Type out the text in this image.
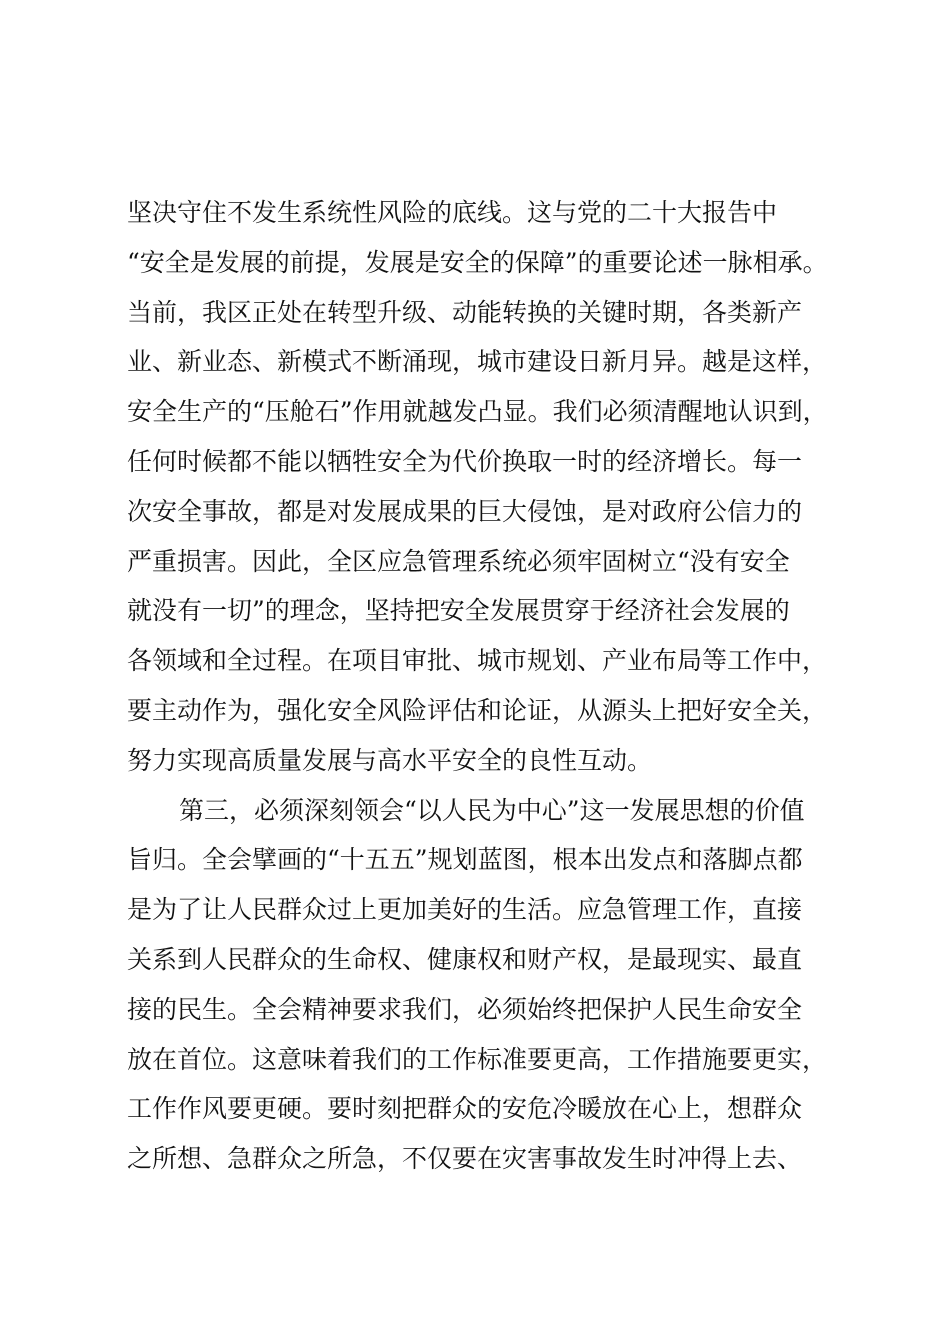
坚决守住不发生系统性风险的底线。这与党的二十大报告中
“安全是发展的前提，发展是安全的保障”的重要论述一脉相承。
当前，我区正处在转型升级、动能转换的关键时期，各类新产
业、新业态、新模式不断涌现，城市建设日新月异。越是这样，
安全生产的“压舱石”作用就越发凸显。我们必须清醒地认识到，
任何时候都不能以牺牲安全为代价换取一时的经济增长。每一
次安全事故，都是对发展成果的巨大侵蚀，是对政府公信力的
严重损害。因此，全区应急管理系统必须牢固树立“没有安全
就没有一切”的理念，坚持把安全发展贯穿于经济社会发展的
各领域和全过程。在项目审批、城市规划、产业布局等工作中，
要主动作为，强化安全风险评估和论证，从源头上把好安全关，
努力实现高质量发展与高水平安全的良性互动。
第三，必须深刻领会“以人民为中心”这一发展思想的价值
旨归。全会擘画的“十五五”规划蓝图，根本出发点和落脚点都
是为了让人民群众过上更加美好的生活。应急管理工作，直接
关系到人民群众的生命权、健康权和财产权，是最现实、最直
接的民生。全会精神要求我们，必须始终把保护人民生命安全
放在首位。这意味着我们的工作标准要更高，工作措施要更实，
工作作风要更硬。要时刻把群众的安危冷暖放在心上，想群众
之所想、急群众之所急，不仅要在灾害事故发生时冲得上去、
